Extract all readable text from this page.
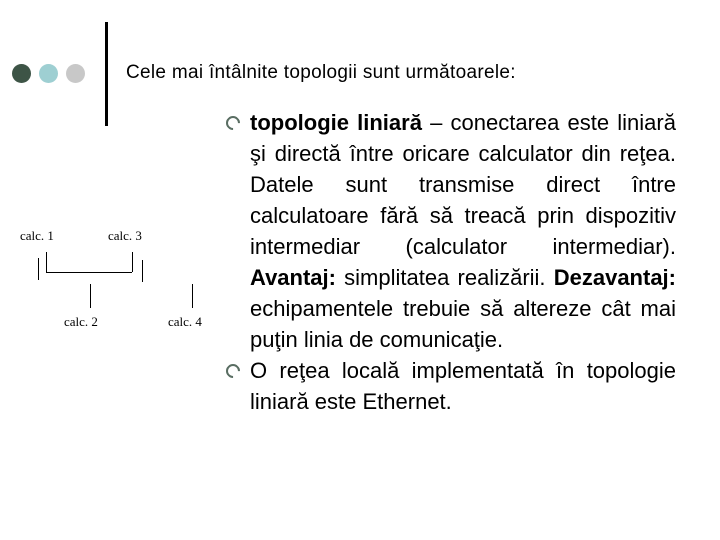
Cele mai întâlnite topologii sunt următoarele:
calc. 1	calc. 3
calc. 2	calc. 4
topologie liniară – conectarea este liniară şi directă între oricare calculator din reţea. Datele sunt transmise direct între calculatoare fără să treacă prin dispozitiv intermediar (calculator intermediar). Avantaj: simplitatea realizării. Dezavantaj: echipamentele trebuie să altereze cât mai puţin linia de comunicaţie.
O reţea locală implementată în topologie liniară este Ethernet.
